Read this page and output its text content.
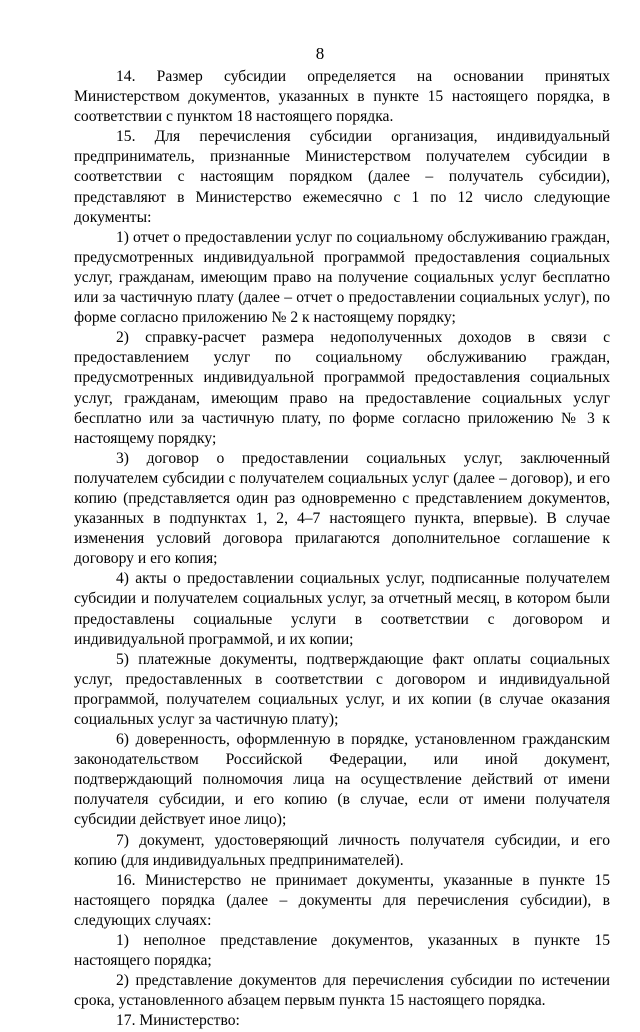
8

14. Размер субсидии определяется на основании принятых Министерством документов, указанных в пункте 15 настоящего порядка, в соответствии с пунктом 18 настоящего порядка.

15. Для перечисления субсидии организация, индивидуальный предприниматель, признанные Министерством получателем субсидии в соответствии с настоящим порядком (далее – получатель субсидии), представляют в Министерство ежемесячно с 1 по 12 число следующие документы:

1) отчет о предоставлении услуг по социальному обслуживанию граждан, предусмотренных индивидуальной программой предоставления социальных услуг, гражданам, имеющим право на получение социальных услуг бесплатно или за частичную плату (далее – отчет о предоставлении социальных услуг), по форме согласно приложению № 2 к настоящему порядку;

2) справку-расчет размера недополученных доходов в связи с предоставлением услуг по социальному обслуживанию граждан, предусмотренных индивидуальной программой предоставления социальных услуг, гражданам, имеющим право на предоставление социальных услуг бесплатно или за частичную плату, по форме согласно приложению № 3 к настоящему порядку;

3) договор о предоставлении социальных услуг, заключенный получателем субсидии с получателем социальных услуг (далее – договор), и его копию (представляется один раз одновременно с представлением документов, указанных в подпунктах 1, 2, 4–7 настоящего пункта, впервые). В случае изменения условий договора прилагаются дополнительное соглашение к договору и его копия;

4) акты о предоставлении социальных услуг, подписанные получателем субсидии и получателем социальных услуг, за отчетный месяц, в котором были предоставлены социальные услуги в соответствии с договором и индивидуальной программой, и их копии;

5) платежные документы, подтверждающие факт оплаты социальных услуг, предоставленных в соответствии с договором и индивидуальной программой, получателем социальных услуг, и их копии (в случае оказания социальных услуг за частичную плату);

6) доверенность, оформленную в порядке, установленном гражданским законодательством Российской Федерации, или иной документ, подтверждающий полномочия лица на осуществление действий от имени получателя субсидии, и его копию (в случае, если от имени получателя субсидии действует иное лицо);

7) документ, удостоверяющий личность получателя субсидии, и его копию (для индивидуальных предпринимателей).

16. Министерство не принимает документы, указанные в пункте 15 настоящего порядка (далее – документы для перечисления субсидии), в следующих случаях:

1) неполное представление документов, указанных в пункте 15 настоящего порядка;

2) представление документов для перечисления субсидии по истечении срока, установленного абзацем первым пункта 15 настоящего порядка.

17. Министерство:
